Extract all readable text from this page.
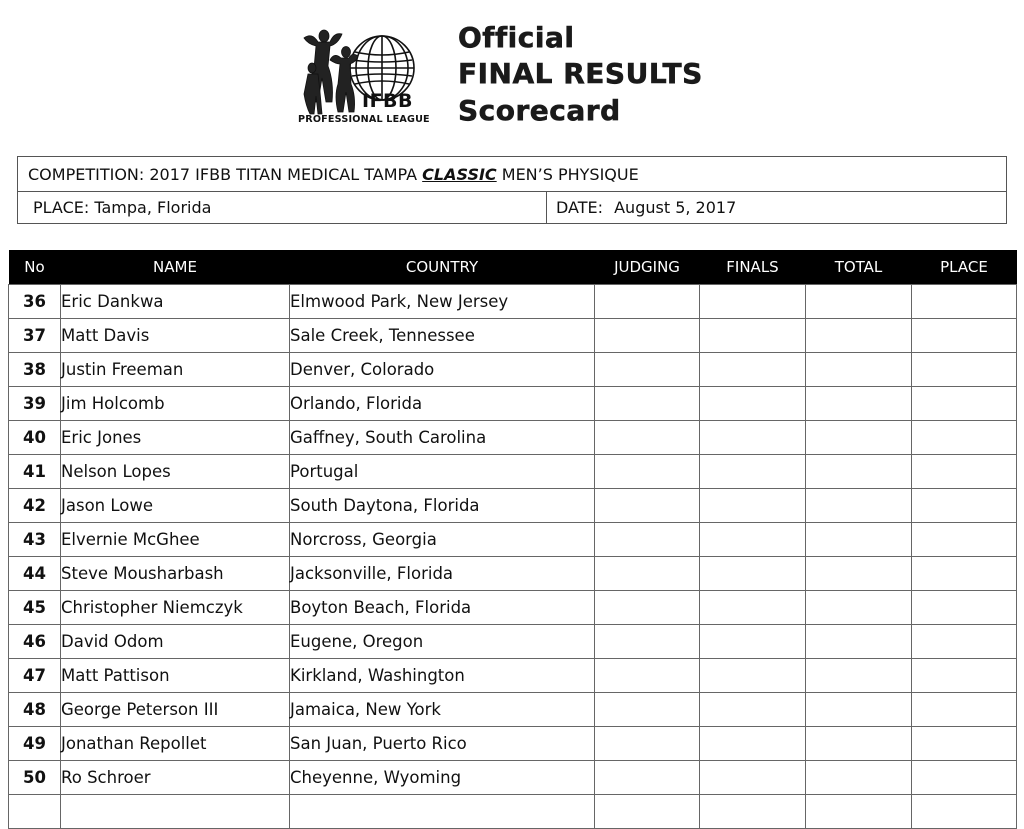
IFBB
PROFESSIONAL LEAGUE
Official
FINAL RESULTS
Scorecard
COMPETITION: 2017 IFBB TITAN MEDICAL TAMPA CLASSIC MEN’S PHYSIQUE
PLACE: Tampa, Florida	DATE: August 5, 2017
No	NAME	COUNTRY	JUDGING	FINALS	TOTAL	PLACE
36	Eric Dankwa	Elmwood Park, New Jersey				
37	Matt Davis	Sale Creek, Tennessee				
38	Justin Freeman	Denver, Colorado				
39	Jim Holcomb	Orlando, Florida				
40	Eric Jones	Gaffney, South Carolina				
41	Nelson Lopes	Portugal				
42	Jason Lowe	South Daytona, Florida				
43	Elvernie McGhee	Norcross, Georgia				
44	Steve Mousharbash	Jacksonville, Florida				
45	Christopher Niemczyk	Boyton Beach, Florida				
46	David Odom	Eugene, Oregon				
47	Matt Pattison	Kirkland, Washington				
48	George Peterson III	Jamaica, New York				
49	Jonathan Repollet	San Juan, Puerto Rico				
50	Ro Schroer	Cheyenne, Wyoming				
